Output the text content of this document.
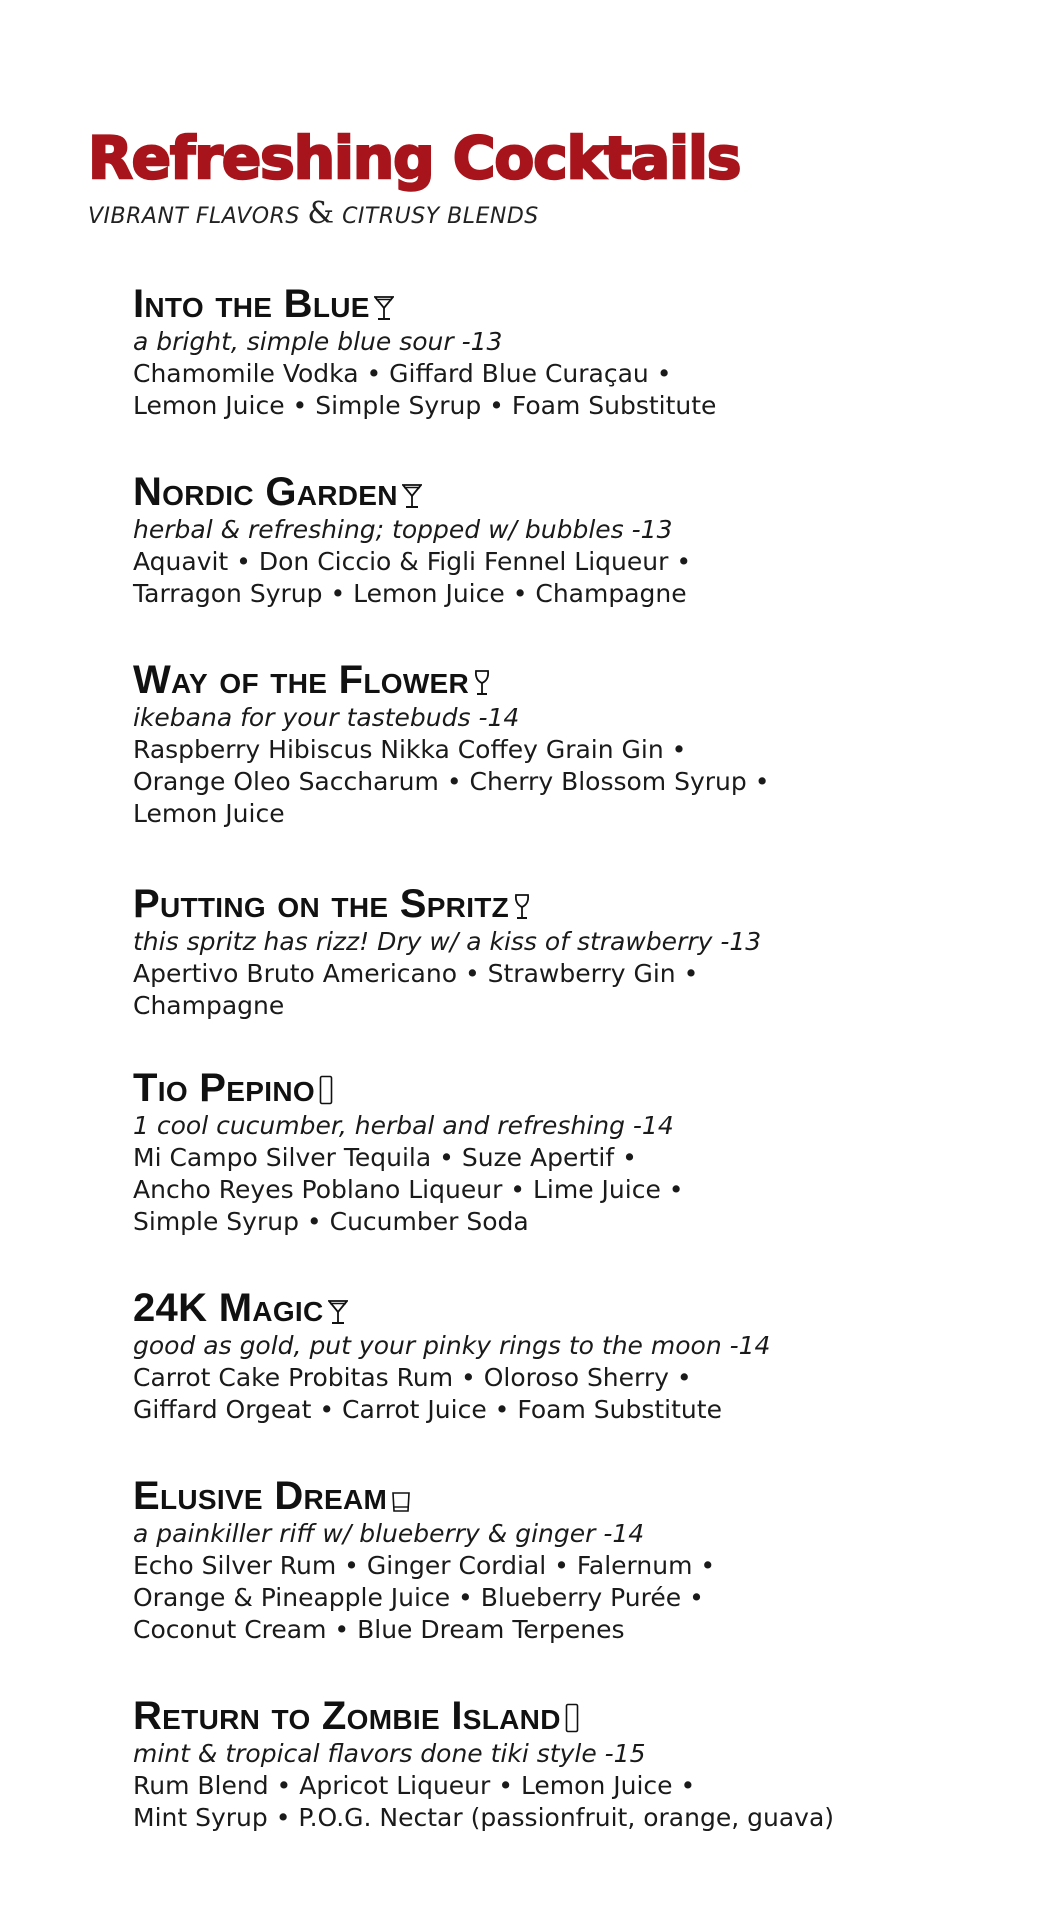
Refreshing Cocktails
VIBRANT FLAVORS & CITRUSY BLENDS
Into the Blue
a bright, simple blue sour -13
Chamomile Vodka • Giffard Blue Curaçau •
Lemon Juice • Simple Syrup • Foam Substitute
Nordic Garden
herbal & refreshing; topped w/ bubbles -13
Aquavit • Don Ciccio & Figli Fennel Liqueur •
Tarragon Syrup • Lemon Juice • Champagne
Way of the Flower
ikebana for your tastebuds -14
Raspberry Hibiscus Nikka Coffey Grain Gin •
Orange Oleo Saccharum • Cherry Blossom Syrup •
Lemon Juice
Putting on the Spritz
this spritz has rizz! Dry w/ a kiss of strawberry -13
Apertivo Bruto Americano • Strawberry Gin •
Champagne
Tio Pepino
1 cool cucumber, herbal and refreshing -14
Mi Campo Silver Tequila • Suze Apertif •
Ancho Reyes Poblano Liqueur • Lime Juice •
Simple Syrup • Cucumber Soda
24K Magic
good as gold, put your pinky rings to the moon -14
Carrot Cake Probitas Rum • Oloroso Sherry •
Giffard Orgeat • Carrot Juice • Foam Substitute
Elusive Dream
a painkiller riff w/ blueberry & ginger -14
Echo Silver Rum • Ginger Cordial • Falernum •
Orange & Pineapple Juice • Blueberry Purée •
Coconut Cream • Blue Dream Terpenes
Return to Zombie Island
mint & tropical flavors done tiki style -15
Rum Blend • Apricot Liqueur • Lemon Juice •
Mint Syrup • P.O.G. Nectar (passionfruit, orange, guava)
